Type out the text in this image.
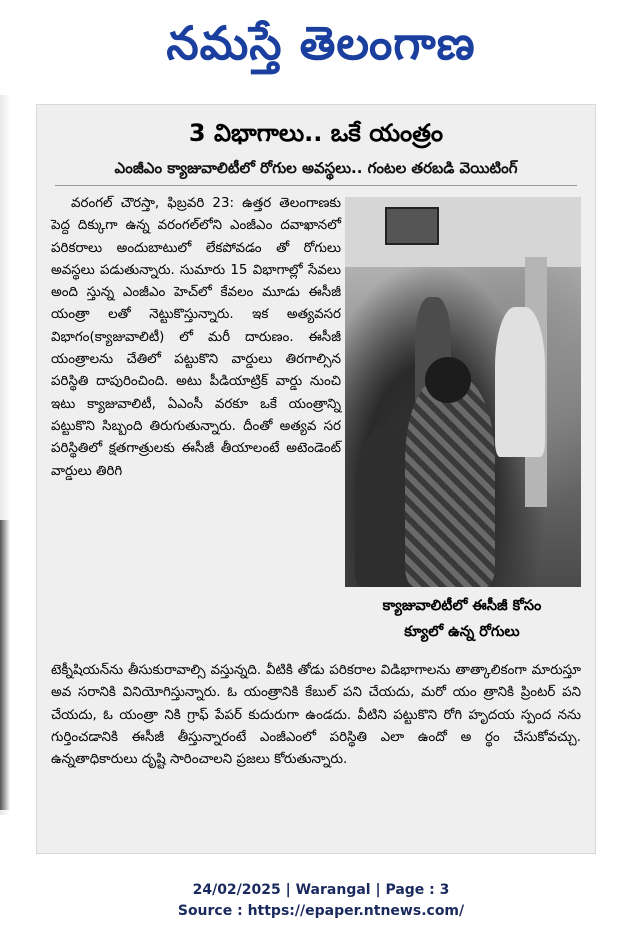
నమస్తే తెలంగాణ
3 విభాగాలు.. ఒకే యంత్రం
ఎంజీఎం క్యాజువాలిటీలో రోగుల అవస్థలు.. గంటల తరబడి వెయిటింగ్

వరంగల్ చౌరస్తా, ఫిబ్రవరి 23: ఉత్తర తెలంగాణకు పెద్ద దిక్కుగా ఉన్న వరంగల్‌లోని ఎంజీఎం దవాఖానలో పరికరాలు అందుబాటులో లేకపోవడం తో రోగులు అవస్థలు పడుతున్నారు. సుమారు 15 విభాగాల్లో సేవలు అంది స్తున్న ఎంజీఎం హెచ్‌లో కేవలం మూడు ఈసీజీ యంత్రా లతో నెట్టుకొస్తున్నారు. ఇక అత్యవసర విభాగం(క్యాజువాలిటీ) లో మరీ దారుణం. ఈసీజీ యంత్రాలను చేతిలో పట్టుకొని వార్డులు తిరగాల్సిన పరిస్థితి దాపురించింది. అటు పీడియాట్రిక్ వార్డు నుంచి ఇటు క్యాజువాలిటీ, ఏఎంసీ వరకూ ఒకే యంత్రాన్ని పట్టుకొని సిబ్బంది తిరుగుతున్నారు. దీంతో అత్యవ సర పరిస్థితిలో క్షతగాత్రులకు ఈసీజీ తీయాలంటే అటెండెంట్ వార్డులు తిరిగి

క్యాజువాలిటీలో ఈసీజీ కోసం
క్యూలో ఉన్న రోగులు
టెక్నీషియన్‌ను తీసుకురావాల్సి వస్తున్నది. వీటికి తోడు పరికరాల విడిభాగాలను తాత్కాలికంగా మారుస్తూ అవ సరానికి వినియోగిస్తున్నారు. ఓ యంత్రానికి కేబుల్ పని చేయదు, మరో యం త్రానికి ప్రింటర్ పని చేయదు, ఓ యంత్రా నికి గ్రాఫ్ పేపర్ కుదురుగా ఉండదు. వీటిని పట్టుకొని రోగి హృదయ స్పంద నను గుర్తించడానికి ఈసీజీ తీస్తున్నారంటే ఎంజీఎంలో పరిస్థితి ఎలా ఉందో అ ర్థం చేసుకోవచ్చు. ఉన్నతాధికారులు దృష్టి సారించాలని ప్రజలు కోరుతున్నారు.
24/02/2025 | Warangal | Page : 3
Source : https://epaper.ntnews.com/
